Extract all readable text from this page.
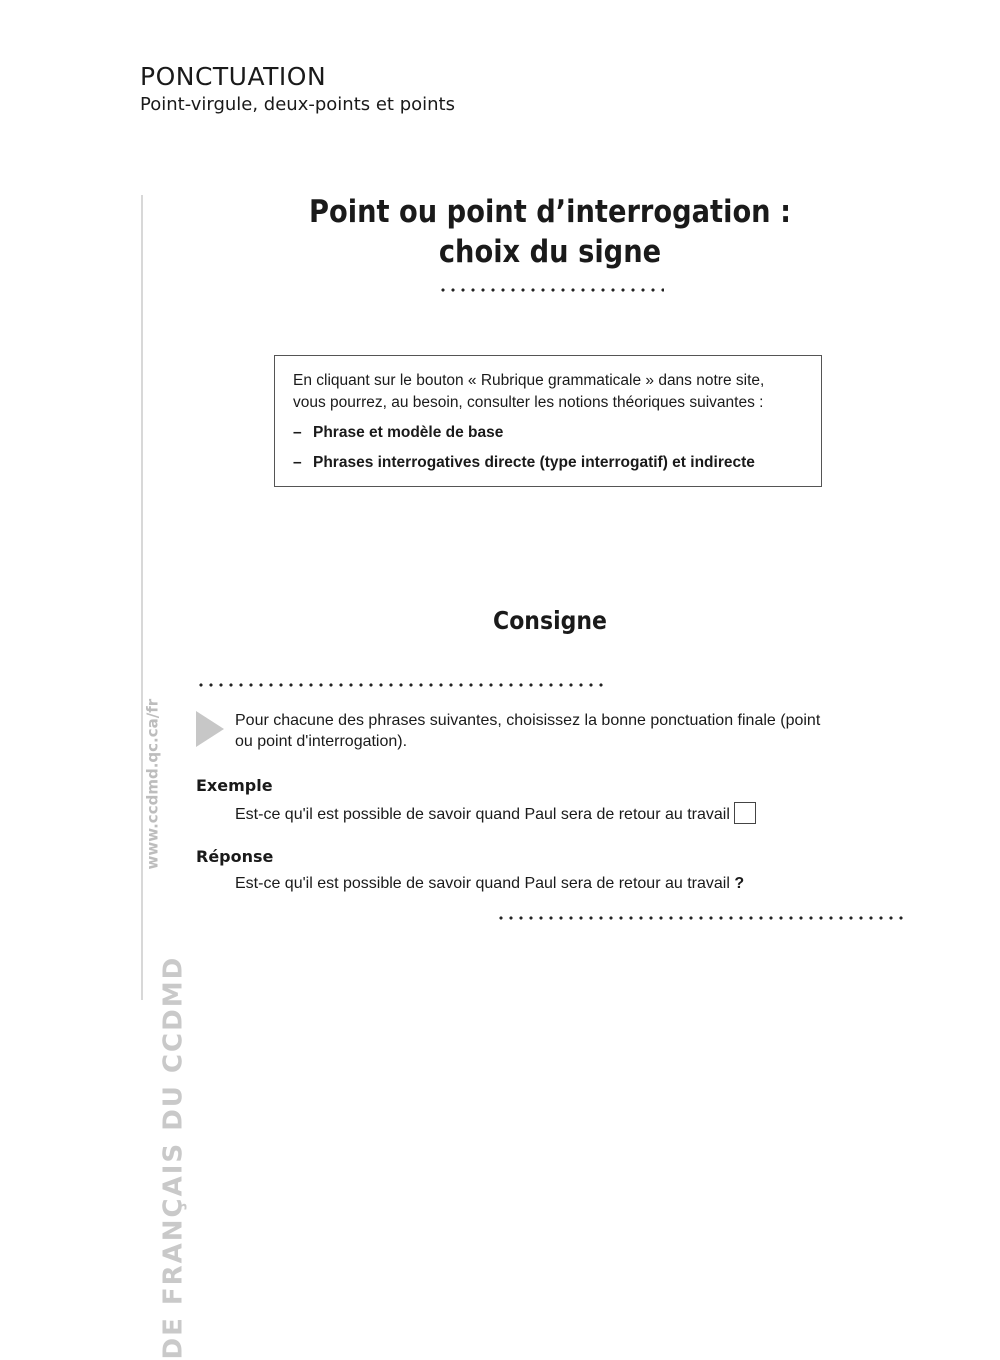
PONCTUATION
Point-virgule, deux-points et points
DE FRANÇAIS DU CCDMD
www.ccdmd.qc.ca/fr
Point ou point d’interrogation :
choix du signe

En cliquant sur le bouton « Rubrique grammaticale » dans notre site,

vous pourrez, au besoin, consulter les notions théoriques suivantes :

– Phrase et modèle de base
– Phrases interrogatives directe (type interrogatif) et indirecte
Consigne
Pour chacune des phrases suivantes, choisissez la bonne ponctuation finale (point
ou point d'interrogation).
Exemple
Est-ce qu'il est possible de savoir quand Paul sera de retour au travail
Réponse
Est-ce qu'il est possible de savoir quand Paul sera de retour au travail ?
